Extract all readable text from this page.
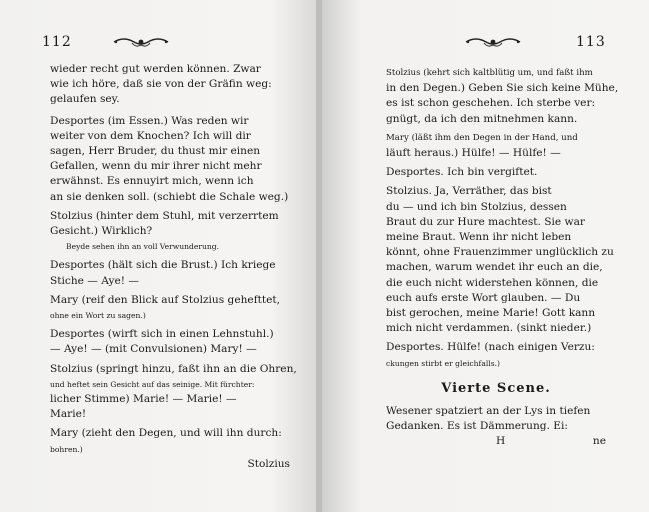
112
wieder recht gut werden können. Zwar
wie ich höre, daß sie von der Gräfin weg:
gelaufen sey.
Desportes (im Essen.) Was reden wir
weiter von dem Knochen? Ich will dir
sagen, Herr Bruder, du thust mir einen
Gefallen, wenn du mir ihrer nicht mehr
erwähnst. Es ennuyirt mich, wenn ich
an sie denken soll. (schiebt die Schale weg.)
Stolzius (hinter dem Stuhl, mit verzerrtem
Gesicht.) Wirklich?
Beyde sehen ihn an voll Verwunderung.
Desportes (hält sich die Brust.) Ich kriege
Stiche — Aye! —
Mary (reif den Blick auf Stolzius gehefttet,
ohne ein Wort zu sagen.)
Desportes (wirft sich in einen Lehnstuhl.)
— Aye! — (mit Convulsionen) Mary! —
Stolzius (springt hinzu, faßt ihn an die Ohren,
und heftet sein Gesicht auf das seinige. Mit fürchter:
licher Stimme) Marie! — Marie! —
Marie!
Mary (zieht den Degen, und will ihn durch:
bohren.)
Stolzius
113
Stolzius (kehrt sich kaltblütig um, und faßt ihm
in den Degen.) Geben Sie sich keine Mühe,
es ist schon geschehen. Ich sterbe ver:
gnügt, da ich den mitnehmen kann.
Mary (läßt ihm den Degen in der Hand, und
läuft heraus.) Hülfe! — Hülfe! —
Desportes. Ich bin vergiftet.
Stolzius. Ja, Verräther, das bist
du — und ich bin Stolzius, dessen
Braut du zur Hure machtest. Sie war
meine Braut. Wenn ihr nicht leben
könnt, ohne Frauenzimmer unglücklich zu
machen, warum wendet ihr euch an die,
die euch nicht widerstehen können, die
euch aufs erste Wort glauben. — Du
bist gerochen, meine Marie! Gott kann
mich nicht verdammen. (sinkt nieder.)
Desportes. Hülfe! (nach einigen Verzu:
ckungen stirbt er gleichfalls.)
Vierte Scene.
Wesener spatziert an der Lys in tiefen
Gedanken. Es ist Dämmerung. Ei:
H	ne
